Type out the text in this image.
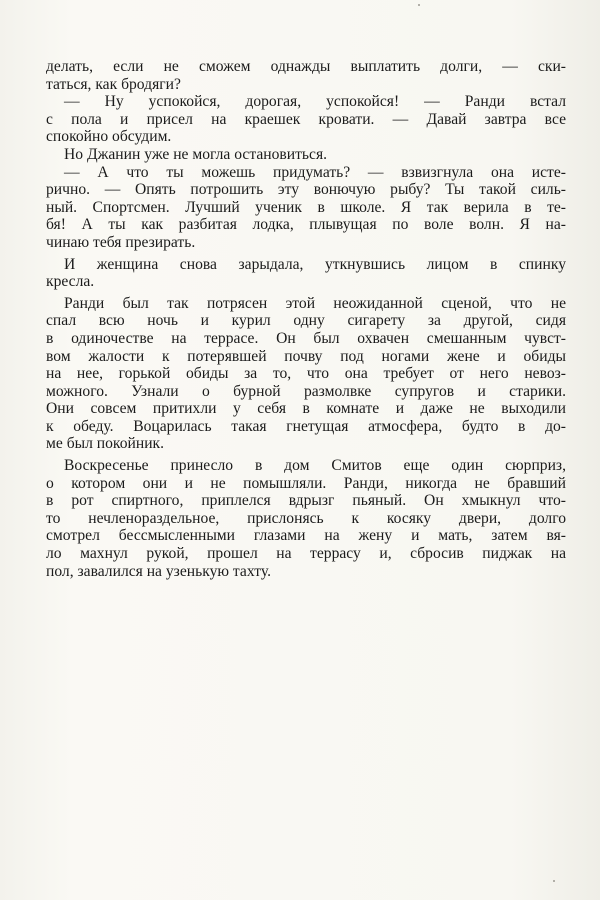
делать, если не сможем однажды выплатить долги, — ски-
таться, как бродяги?
— Ну успокойся, дорогая, успокойся! — Ранди встал
с пола и присел на краешек кровати. — Давай завтра все
спокойно обсудим.
Но Джанин уже не могла остановиться.
— А что ты можешь придумать? — взвизгнула она исте-
рично. — Опять потрошить эту вонючую рыбу? Ты такой силь-
ный. Спортсмен. Лучший ученик в школе. Я так верила в те-
бя! А ты как разбитая лодка, плывущая по воле волн. Я на-
чинаю тебя презирать.
И женщина снова зарыдала, уткнувшись лицом в спинку
кресла.
Ранди был так потрясен этой неожиданной сценой, что не
спал всю ночь и курил одну сигарету за другой, сидя
в одиночестве на террасе. Он был охвачен смешанным чувст-
вом жалости к потерявшей почву под ногами жене и обиды
на нее, горькой обиды за то, что она требует от него невоз-
можного. Узнали о бурной размолвке супругов и старики.
Они совсем притихли у себя в комнате и даже не выходили
к обеду. Воцарилась такая гнетущая атмосфера, будто в до-
ме был покойник.
Воскресенье принесло в дом Смитов еще один сюрприз,
о котором они и не помышляли. Ранди, никогда не бравший
в рот спиртного, приплелся вдрызг пьяный. Он хмыкнул что-
то нечленораздельное, прислонясь к косяку двери, долго
смотрел бессмысленными глазами на жену и мать, затем вя-
ло махнул рукой, прошел на террасу и, сбросив пиджак на
пол, завалился на узенькую тахту.
